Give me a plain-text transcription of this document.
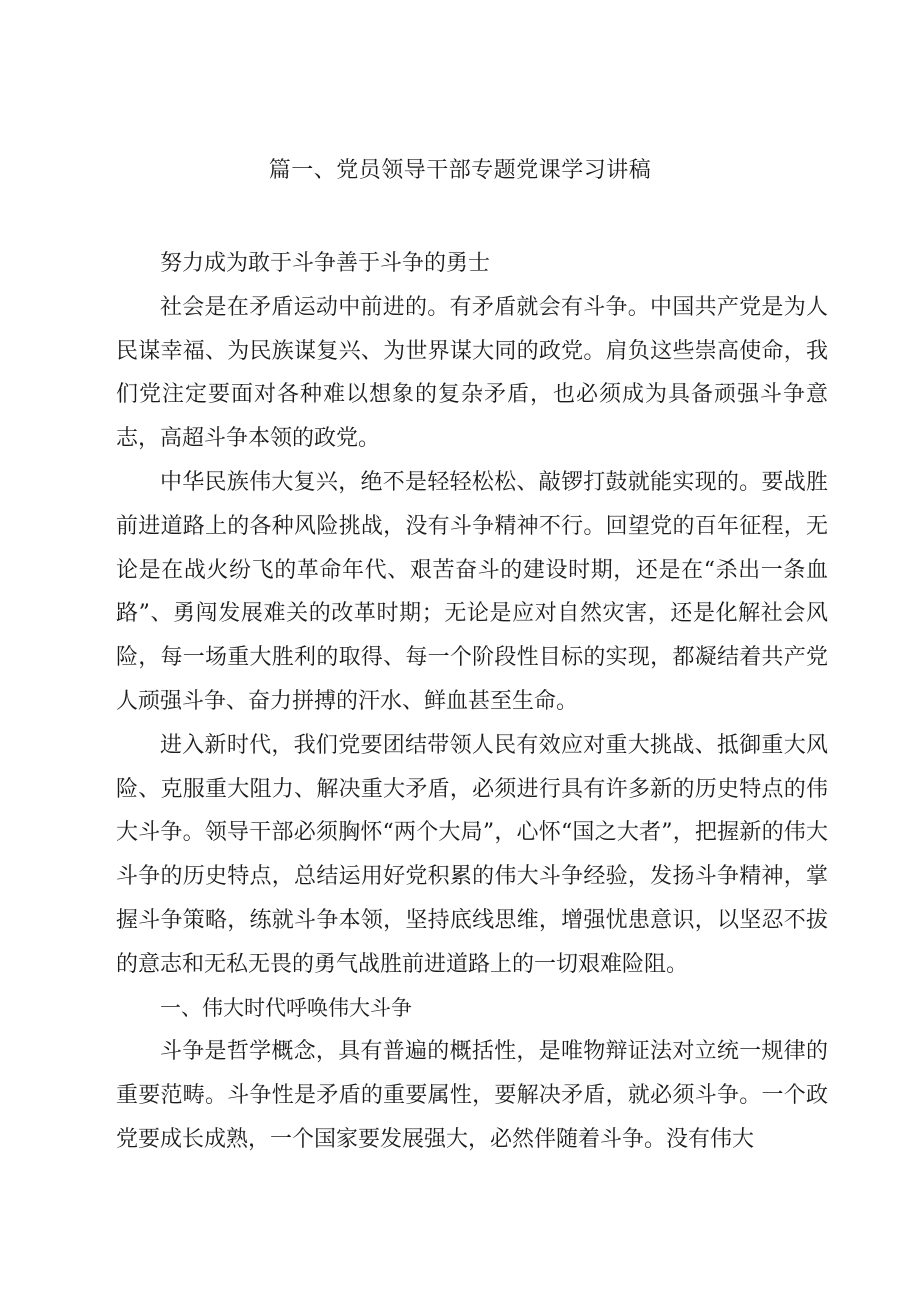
篇一、党员领导干部专题党课学习讲稿

努力成为敢于斗争善于斗争的勇士

社会是在矛盾运动中前进的。有矛盾就会有斗争。中国共产党是为人民谋幸福、为民族谋复兴、为世界谋大同的政党。肩负这些崇高使命，我们党注定要面对各种难以想象的复杂矛盾，也必须成为具备顽强斗争意志，高超斗争本领的政党。

中华民族伟大复兴，绝不是轻轻松松、敲锣打鼓就能实现的。要战胜前进道路上的各种风险挑战，没有斗争精神不行。回望党的百年征程，无论是在战火纷飞的革命年代、艰苦奋斗的建设时期，还是在“杀出一条血路”、勇闯发展难关的改革时期；无论是应对自然灾害，还是化解社会风险，每一场重大胜利的取得、每一个阶段性目标的实现，都凝结着共产党人顽强斗争、奋力拼搏的汗水、鲜血甚至生命。

进入新时代，我们党要团结带领人民有效应对重大挑战、抵御重大风险、克服重大阻力、解决重大矛盾，必须进行具有许多新的历史特点的伟大斗争。领导干部必须胸怀“两个大局”，心怀“国之大者”，把握新的伟大斗争的历史特点，总结运用好党积累的伟大斗争经验，发扬斗争精神，掌握斗争策略，练就斗争本领，坚持底线思维，增强忧患意识，以坚忍不拔的意志和无私无畏的勇气战胜前进道路上的一切艰难险阻。

一、伟大时代呼唤伟大斗争

斗争是哲学概念，具有普遍的概括性，是唯物辩证法对立统一规律的重要范畴。斗争性是矛盾的重要属性，要解决矛盾，就必须斗争。一个政党要成长成熟，一个国家要发展强大，必然伴随着斗争。没有伟大
